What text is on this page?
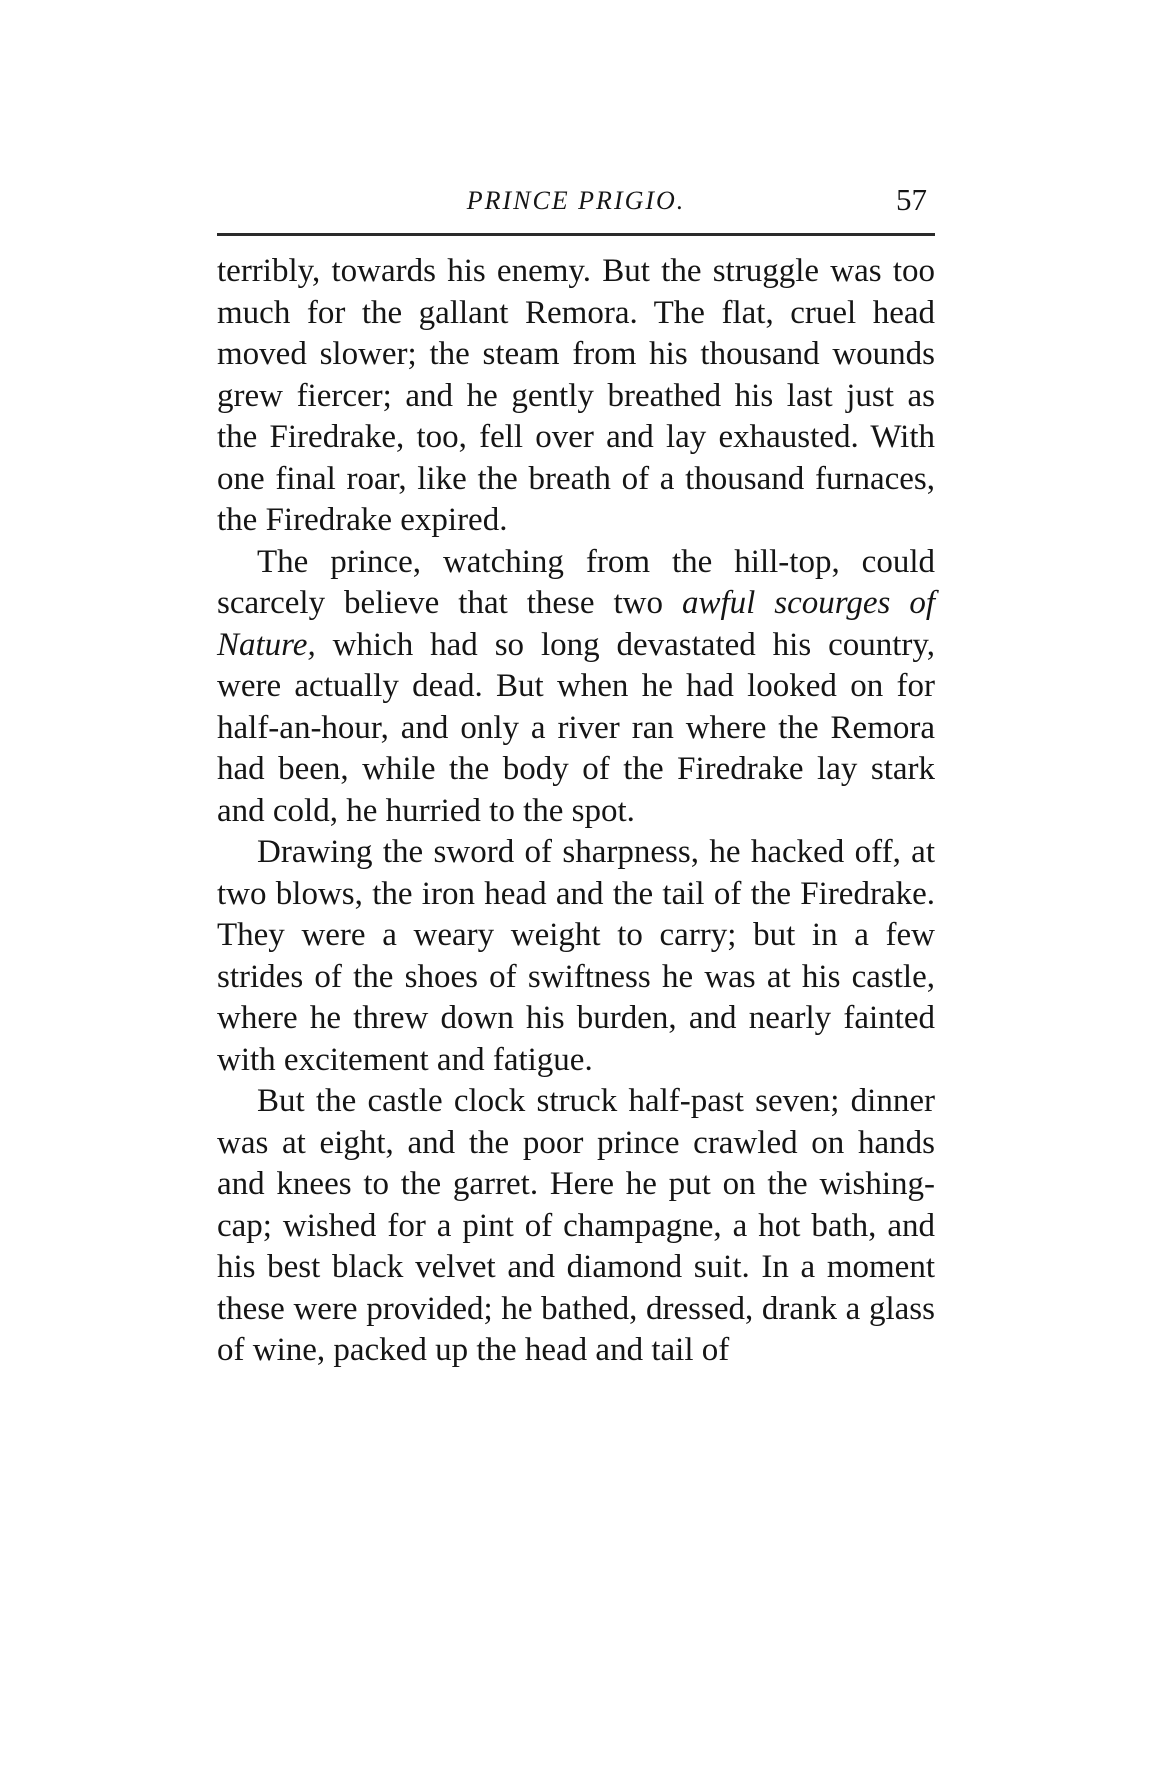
PRINCE PRIGIO.	57

terribly, towards his enemy. But the struggle was too much for the gallant Remora. The flat, cruel head moved slower; the steam from his thousand wounds grew fiercer; and he gently breathed his last just as the Firedrake, too, fell over and lay exhausted. With one final roar, like the breath of a thousand furnaces, the Firedrake expired.

The prince, watching from the hill-top, could scarcely believe that these two awful scourges of Nature, which had so long devastated his country, were actually dead. But when he had looked on for half-an-hour, and only a river ran where the Remora had been, while the body of the Firedrake lay stark and cold, he hurried to the spot.

Drawing the sword of sharpness, he hacked off, at two blows, the iron head and the tail of the Firedrake. They were a weary weight to carry; but in a few strides of the shoes of swiftness he was at his castle, where he threw down his burden, and nearly fainted with excitement and fatigue.

But the castle clock struck half-past seven; dinner was at eight, and the poor prince crawled on hands and knees to the garret. Here he put on the wishing-cap; wished for a pint of champagne, a hot bath, and his best black velvet and diamond suit. In a moment these were provided; he bathed, dressed, drank a glass of wine, packed up the head and tail of
